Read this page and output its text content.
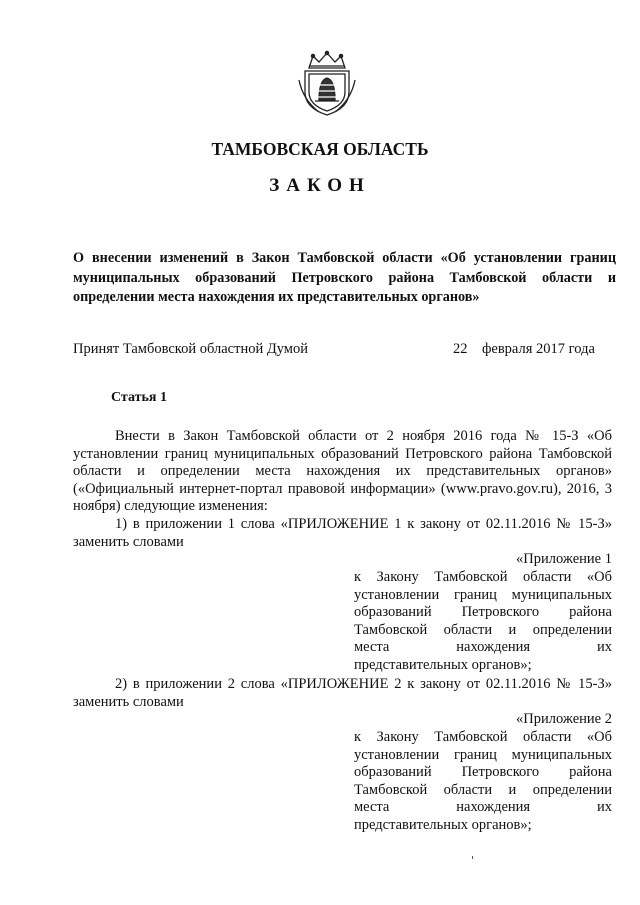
ТАМБОВСКАЯ ОБЛАСТЬ
ЗАКОН
О внесении изменений в Закон Тамбовской области «Об установлении границ муниципальных образований Петровского района Тамбовской области и определении места нахождения их представительных органов»
Принят Тамбовской областной Думой	22 февраля 2017 года
Статья 1
Внести в Закон Тамбовской области от 2 ноября 2016 года № 15-З «Об установлении границ муниципальных образований Петровского района Тамбовской области и определении места нахождения их представительных органов» («Официальный интернет-портал правовой информации» (www.pravo.gov.ru), 2016, 3 ноября) следующие изменения:
1) в приложении 1 слова «ПРИЛОЖЕНИЕ 1 к закону от 02.11.2016 № 15-З» заменить словами
«Приложение 1
к Закону Тамбовской области «Об
установлении границ муниципальных
образований Петровского района
Тамбовской области и определении
места нахождения их
представительных органов»;
2) в приложении 2 слова «ПРИЛОЖЕНИЕ 2 к закону от 02.11.2016 № 15-З» заменить словами
«Приложение 2
к Закону Тамбовской области «Об
установлении границ муниципальных
образований Петровского района
Тамбовской области и определении
места нахождения их
представительных органов»;
